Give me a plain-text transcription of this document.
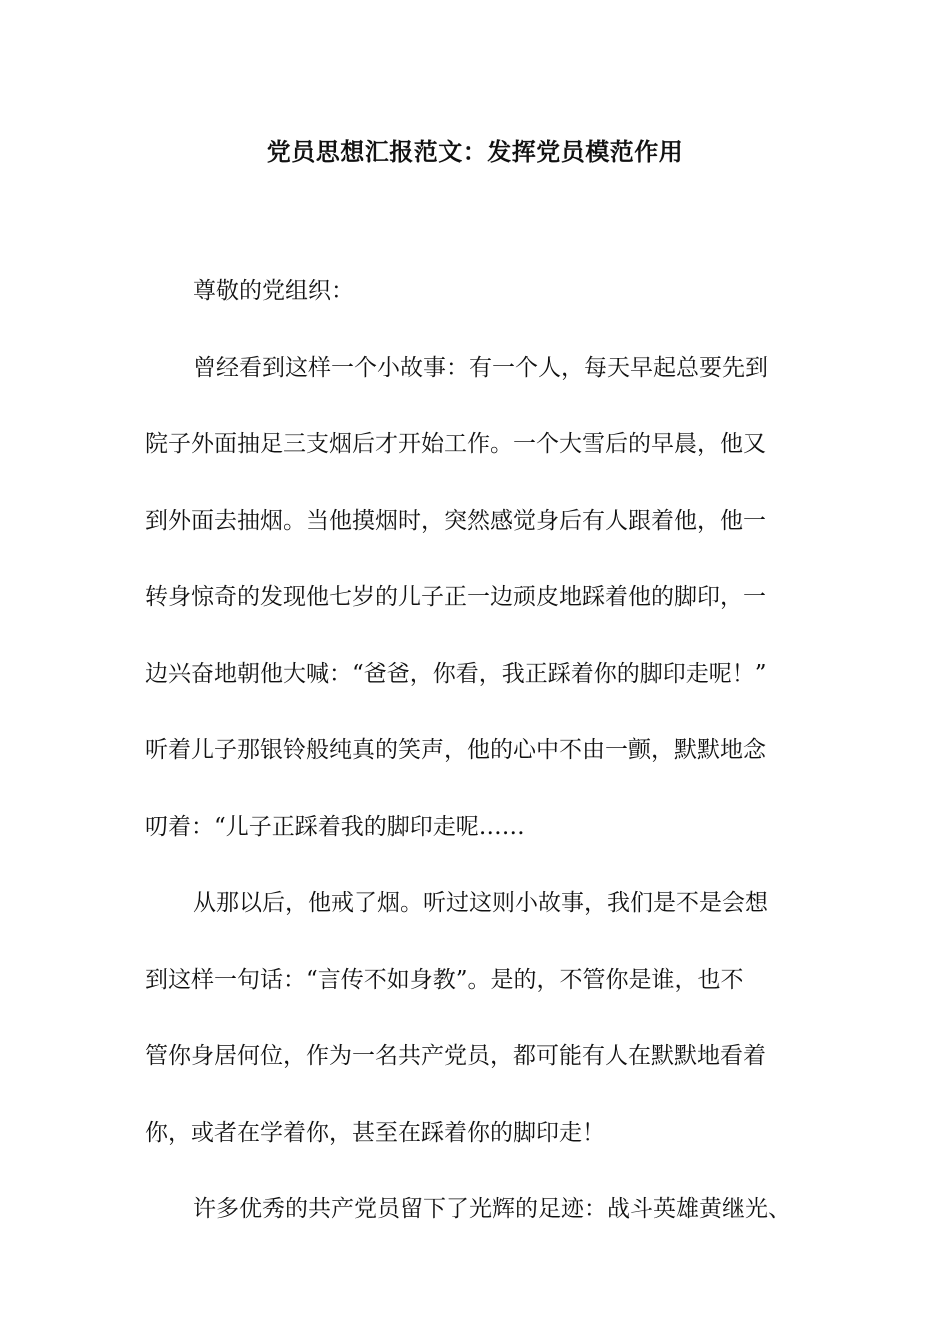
党员思想汇报范文：发挥党员模范作用
尊敬的党组织：
曾经看到这样一个小故事：有一个人，每天早起总要先到
院子外面抽足三支烟后才开始工作。一个大雪后的早晨，他又
到外面去抽烟。当他摸烟时，突然感觉身后有人跟着他，他一
转身惊奇的发现他七岁的儿子正一边顽皮地踩着他的脚印，一
边兴奋地朝他大喊：“爸爸，你看，我正踩着你的脚印走呢！”
听着儿子那银铃般纯真的笑声，他的心中不由一颤，默默地念
叨着：“儿子正踩着我的脚印走呢……
从那以后，他戒了烟。听过这则小故事，我们是不是会想
到这样一句话：“言传不如身教”。是的，不管你是谁，也不
管你身居何位，作为一名共产党员，都可能有人在默默地看着
你，或者在学着你，甚至在踩着你的脚印走！
许多优秀的共产党员留下了光辉的足迹：战斗英雄黄继光、
